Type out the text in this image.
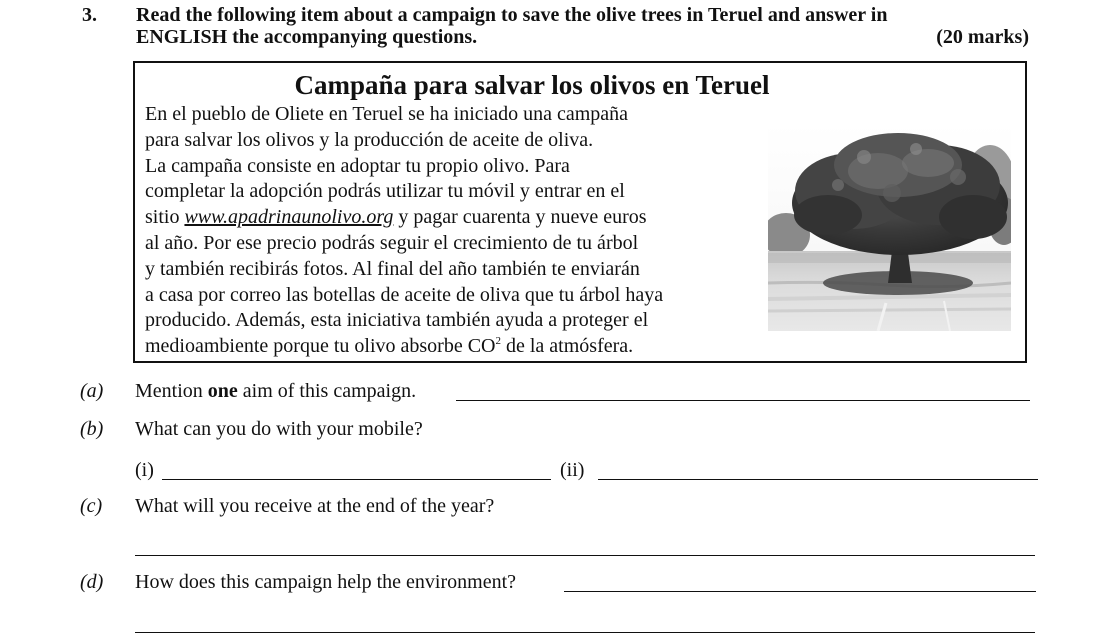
3. Read the following item about a campaign to save the olive trees in Teruel and answer in
ENGLISH the accompanying questions.	(20 marks)
Campaña para salvar los olivos en Teruel

En el pueblo de Oliete en Teruel se ha iniciado una campaña

para salvar los olivos y la producción de aceite de oliva.

La campaña consiste en adoptar tu propio olivo. Para

completar la adopción podrás utilizar tu móvil y entrar en el

sitio www.apadrinaunolivo.org y pagar cuarenta y nueve euros

al año. Por ese precio podrás seguir el crecimiento de tu árbol

y también recibirás fotos. Al final del año también te enviarán

a casa por correo las botellas de aceite de oliva que tu árbol haya

producido. Además, esta iniciativa también ayuda a proteger el

medioambiente porque tu olivo absorbe $CO^2$ de la atmósfera.

(a) Mention one aim of this campaign.
(b) What can you do with your mobile?
(i)	(ii)
(c) What will you receive at the end of the year?
(d) How does this campaign help the environment?
